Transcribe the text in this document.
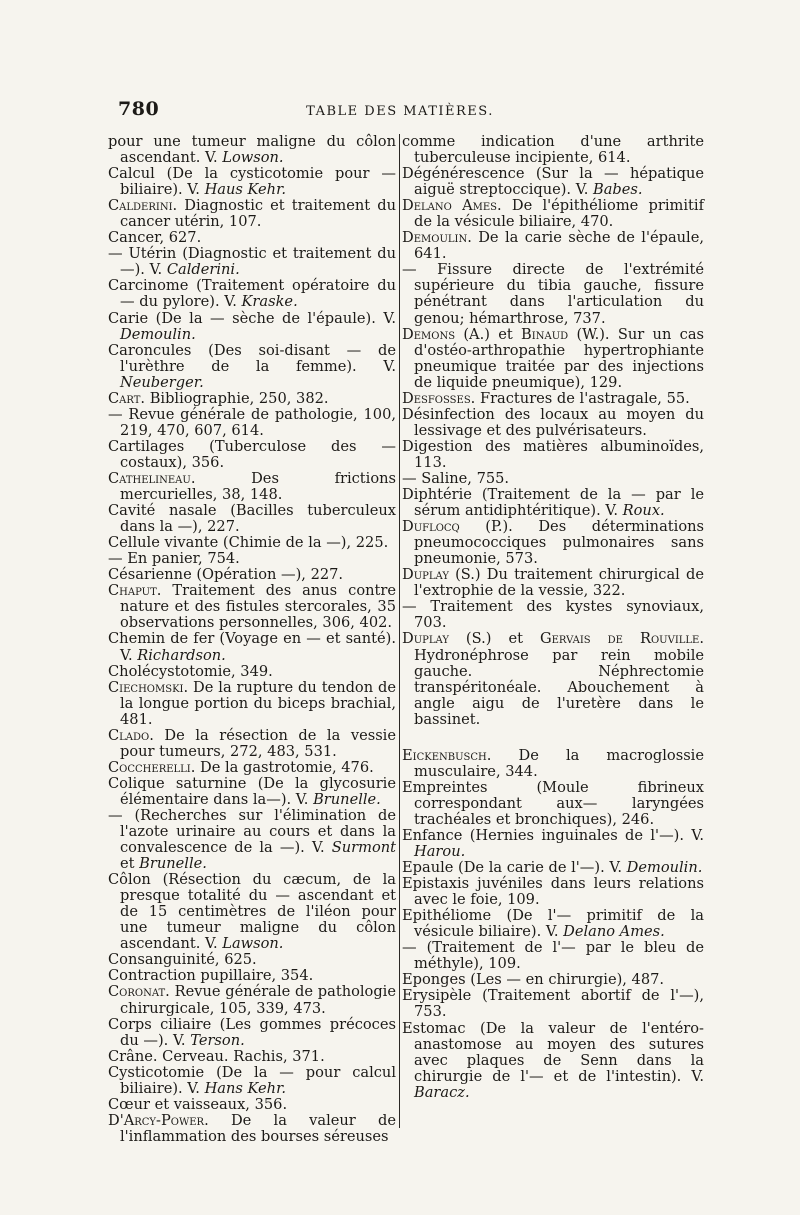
780	TABLE DES MATIÈRES.

pour une tumeur maligne du côlon ascendant. V. Lowson.

Calcul (De la cysticotomie pour — biliaire). V. Haus Kehr.

Calderini. Diagnostic et traitement du cancer utérin, 107.

Cancer, 627.

— Utérin (Diagnostic et traitement du —). V. Calderini.

Carcinome (Traitement opératoire du — du pylore). V. Kraske.

Carie (De la — sèche de l'épaule). V. Demoulin.

Caroncules (Des soi-disant — de l'urèthre de la femme). V. Neuberger.

Cart. Bibliographie, 250, 382.

— Revue générale de pathologie, 100, 219, 470, 607, 614.

Cartilages (Tuberculose des — costaux), 356.

Cathelineau. Des frictions mercurielles, 38, 148.

Cavité nasale (Bacilles tuberculeux dans la —), 227.

Cellule vivante (Chimie de la —), 225.

— En panier, 754.

Césarienne (Opération —), 227.

Chaput. Traitement des anus contre nature et des fistules stercorales, 35 observations personnelles, 306, 402.

Chemin de fer (Voyage en — et santé). V. Richardson.

Cholécystotomie, 349.

Ciechomski. De la rupture du tendon de la longue portion du biceps brachial, 481.

Clado. De la résection de la vessie pour tumeurs, 272, 483, 531.

Coccherelli. De la gastrotomie, 476.

Colique saturnine (De la glycosurie élémentaire dans la—). V. Brunelle.

— (Recherches sur l'élimination de l'azote urinaire au cours et dans la convalescence de la —). V. Surmont et Brunelle.

Côlon (Résection du cæcum, de la presque totalité du — ascendant et de 15 centimètres de l'iléon pour une tumeur maligne du côlon ascendant. V. Lawson.

Consanguinité, 625.

Contraction pupillaire, 354.

Coronat. Revue générale de pathologie chirurgicale, 105, 339, 473.

Corps ciliaire (Les gommes précoces du —). V. Terson.

Crâne. Cerveau. Rachis, 371.

Cysticotomie (De la — pour calcul biliaire). V. Hans Kehr.

Cœur et vaisseaux, 356.

D'Arcy-Power. De la valeur de l'inflammation des bourses séreuses

comme indication d'une arthrite tuberculeuse incipiente, 614.

Dégénérescence (Sur la — hépatique aiguë streptoccique). V. Babes.

Delano Ames. De l'épithéliome primitif de la vésicule biliaire, 470.

Demoulin. De la carie sèche de l'épaule, 641.

— Fissure directe de l'extrémité supérieure du tibia gauche, fissure pénétrant dans l'articulation du genou; hémarthrose, 737.

Demons (A.) et Binaud (W.). Sur un cas d'ostéo-arthropathie hypertrophiante pneumique traitée par des injections de liquide pneumique), 129.

Desfosses. Fractures de l'astragale, 55.

Désinfection des locaux au moyen du lessivage et des pulvérisateurs.

Digestion des matières albuminoïdes, 113.

— Saline, 755.

Diphtérie (Traitement de la — par le sérum antidiphtéritique). V. Roux.

Duflocq (P.). Des déterminations pneumococciques pulmonaires sans pneumonie, 573.

Duplay (S.) Du traitement chirurgical de l'extrophie de la vessie, 322.

— Traitement des kystes synoviaux, 703.

Duplay (S.) et Gervais de Rouville. Hydronéphrose par rein mobile gauche. Néphrectomie transpéritonéale. Abouchement à angle aigu de l'uretère dans le bassinet.

Eickenbusch. De la macroglossie musculaire, 344.

Empreintes (Moule fibrineux correspondant aux— laryngées trachéales et bronchiques), 246.

Enfance (Hernies inguinales de l'—). V. Harou.

Epaule (De la carie de l'—). V. Demoulin.

Epistaxis juvéniles dans leurs relations avec le foie, 109.

Epithéliome (De l'— primitif de la vésicule biliaire). V. Delano Ames.

— (Traitement de l'— par le bleu de méthyle), 109.

Eponges (Les — en chirurgie), 487.

Erysipèle (Traitement abortif de l'—), 753.

Estomac (De la valeur de l'entéro-anastomose au moyen des sutures avec plaques de Senn dans la chirurgie de l'— et de l'intestin). V. Baracz.
